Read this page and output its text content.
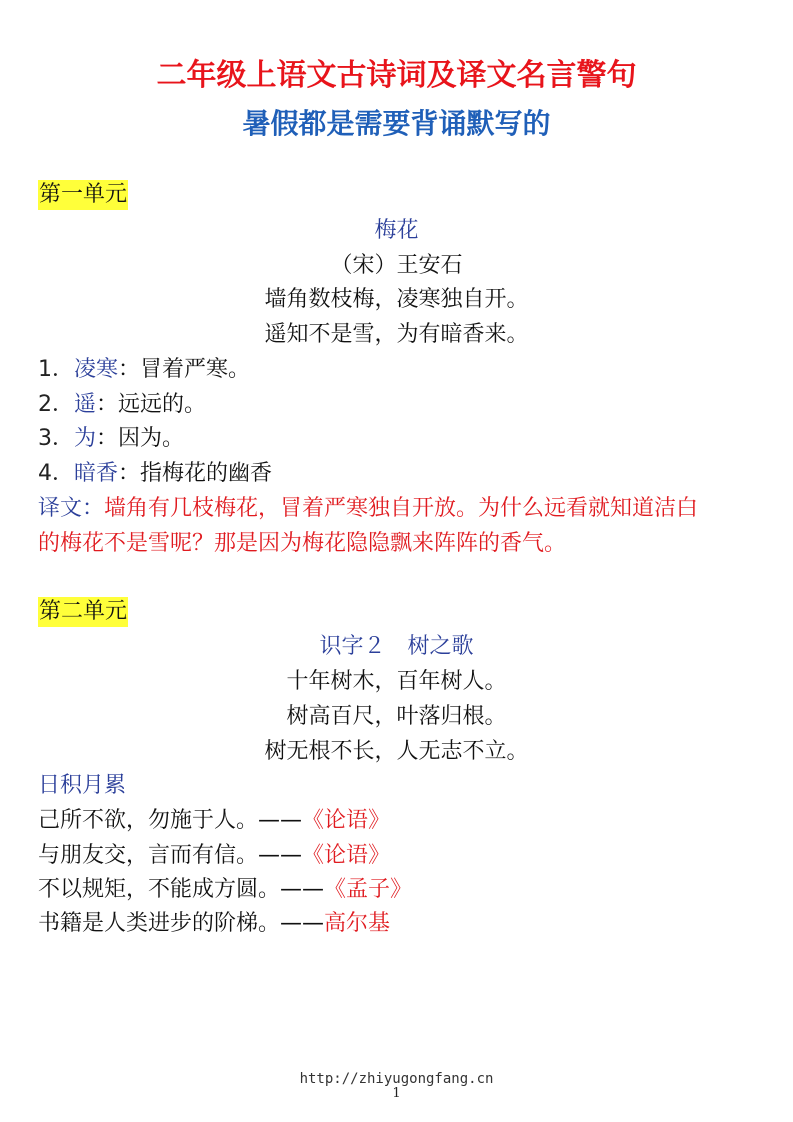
二年级上语文古诗词及译文名言警句
暑假都是需要背诵默写的
第一单元
梅花
（宋）王安石
墙角数枝梅，凌寒独自开。
遥知不是雪，为有暗香来。
1．凌寒：冒着严寒。
2．遥：远远的。
3．为：因为。
4．暗香：指梅花的幽香
译文：墙角有几枝梅花，冒着严寒独自开放。为什么远看就知道洁白
的梅花不是雪呢？那是因为梅花隐隐飘来阵阵的香气。
第二单元
识字２　树之歌
十年树木，百年树人。
树高百尺，叶落归根。
树无根不长，人无志不立。
日积月累
己所不欲，勿施于人。——《论语》
与朋友交，言而有信。——《论语》
不以规矩，不能成方圆。——《孟子》
书籍是人类进步的阶梯。——高尔基
http://zhiyugongfang.cn
1
